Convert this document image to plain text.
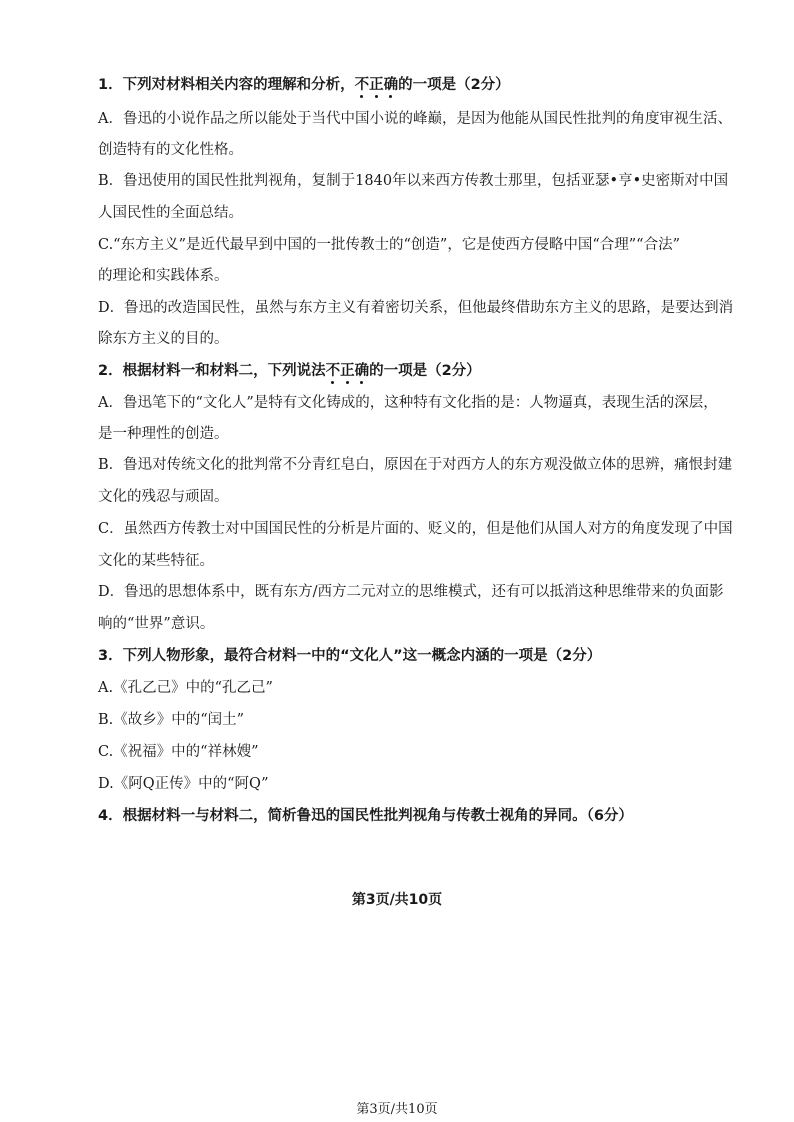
1．下列对材料相关内容的理解和分析，不正确的一项是（2分）
A．鲁迅的小说作品之所以能处于当代中国小说的峰巅，是因为他能从国民性批判的角度审视生活、
创造特有的文化性格。
B．鲁迅使用的国民性批判视角，复制于1840年以来西方传教士那里，包括亚瑟•亨•史密斯对中国
人国民性的全面总结。
C.“东方主义”是近代最早到中国的一批传教士的“创造”，它是使西方侵略中国“合理”“合法”
的理论和实践体系。
D．鲁迅的改造国民性，虽然与东方主义有着密切关系，但他最终借助东方主义的思路，是要达到消
除东方主义的目的。
2．根据材料一和材料二，下列说法不正确的一项是（2分）
A．鲁迅笔下的“文化人”是特有文化铸成的，这种特有文化指的是：人物逼真，表现生活的深层，
是一种理性的创造。
B．鲁迅对传统文化的批判常不分青红皂白，原因在于对西方人的东方观没做立体的思辨，痛恨封建
文化的残忍与顽固。
C．虽然西方传教士对中国国民性的分析是片面的、贬义的，但是他们从国人对方的角度发现了中国
文化的某些特征。
D．鲁迅的思想体系中，既有东方/西方二元对立的思维模式，还有可以抵消这种思维带来的负面影
响的“世界”意识。
3．下列人物形象，最符合材料一中的“文化人”这一概念内涵的一项是（2分）
A.《孔乙己》中的“孔乙己”
B.《故乡》中的“闰土”
C.《祝福》中的“祥林嫂”
D.《阿Q正传》中的“阿Q”
4．根据材料一与材料二，简析鲁迅的国民性批判视角与传教士视角的异同。（6分）
第3页/共10页
第3页/共10页
